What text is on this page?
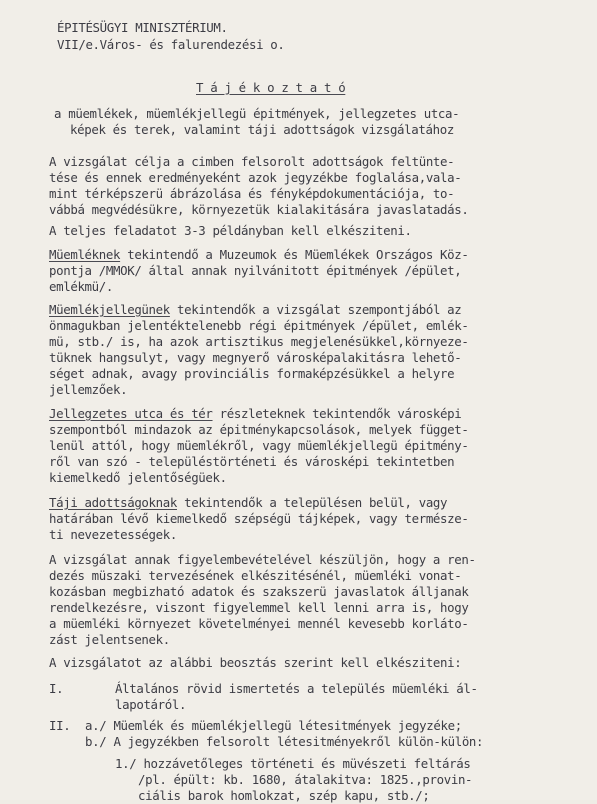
ÉPITÉSÜGYI MINISZTÉRIUM.
VII/e.Város- és falurendezési o.
T á j é k o z t a t ó
a müemlékek, müemlékjellegü épitmények, jellegzetes utca-
képek és terek, valamint táji adottságok vizsgálatához
A vizsgálat célja a cimben felsorolt adottságok feltünte-
tése és ennek eredményeként azok jegyzékbe foglalása,vala-
mint térképszerü ábrázolása és fényképdokumentációja, to-
vábbá megvédésükre, környezetük kialakitására javaslatadás.
A teljes feladatot 3-3 példányban kell elkésziteni.
Müemléknek tekintendő a Muzeumok és Müemlékek Országos Köz-
pontja /MMOK/ által annak nyilvánitott épitmények /épület,
emlékmü/.
Müemlékjellegünek tekintendők a vizsgálat szempontjából az
önmagukban jelentéktelenebb régi épitmények /épület, emlék-
mü, stb./ is, ha azok artisztikus megjelenésükkel,környeze-
tüknek hangsulyt, vagy megnyerő városképalakitásra lehető-
séget adnak, avagy provinciális formaképzésükkel a helyre
jellemzőek.
Jellegzetes utca és tér részleteknek tekintendők városképi
szempontból mindazok az épitménykapcsolások, melyek függet-
lenül attól, hogy müemlékről, vagy müemlékjellegü épitmény-
ről van szó - településtörténeti és városképi tekintetben
kiemelkedő jelentőségüek.
Táji adottságoknak tekintendők a településen belül, vagy
határában lévő kiemelkedő szépségü tájképek, vagy természe-
ti nevezetességek.
A vizsgálat annak figyelembevételével készüljön, hogy a ren-
dezés müszaki tervezésének elkészitésénél, müemléki vonat-
kozásban megbizható adatok és szakszerü javaslatok álljanak
rendelkezésre, viszont figyelemmel kell lenni arra is, hogy
a müemléki környezet követelményei mennél kevesebb korláto-
zást jelentsenek.
A vizsgálatot az alábbi beosztás szerint kell elkésziteni:
I.	Általános rövid ismertetés a település müemléki ál-
lapotáról.
II. a./ Müemlék és müemlékjellegü létesitmények jegyzéke;
b./ A jegyzékben felsorolt létesitményekről külön-külön:
1./ hozzávetőleges történeti és müvészeti feltárás
/pl. épült: kb. 1680, átalakitva: 1825.,provin-
ciális barok homlokzat, szép kapu, stb./;
